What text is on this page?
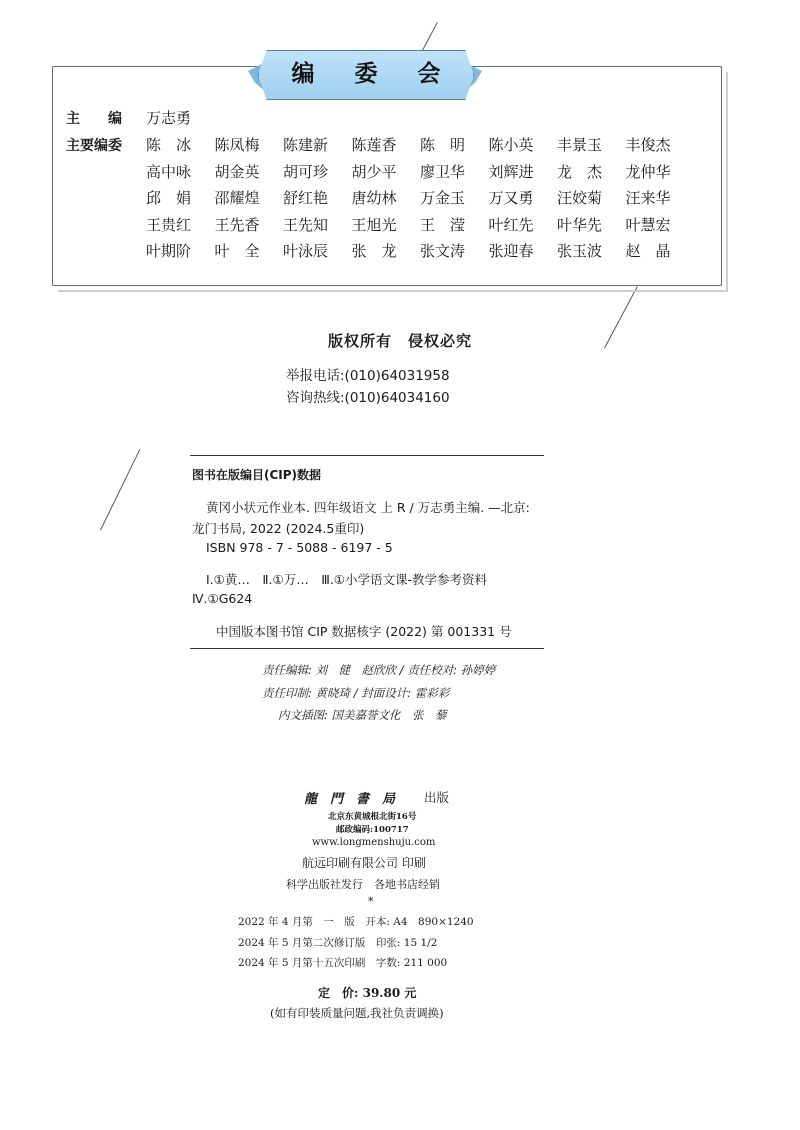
编 委 会
主　　编 万志勇
主要编委 陈　冰	陈凤梅	陈建新	陈莲香	陈　明	陈小英	丰景玉	丰俊杰
高中咏	胡金英	胡可珍	胡少平	廖卫华	刘辉进	龙　杰	龙仲华
邱　娟	邵耀煌	舒红艳	唐幼林	万金玉	万又勇	汪姣菊	汪来华
王贵红	王先香	王先知	王旭光	王　滢	叶红先	叶华先	叶慧宏
叶期阶	叶　全	叶泳辰	张　龙	张文涛	张迎春	张玉波	赵　晶
版权所有　侵权必究
举报电话:(010)64031958
咨询热线:(010)64034160
图书在版编目(CIP)数据
黄冈小状元作业本. 四年级语文 上 R / 万志勇主编. —北京:
龙门书局, 2022 (2024.5重印)
ISBN 978 - 7 - 5088 - 6197 - 5
Ⅰ.①黄…　Ⅱ.①万…　Ⅲ.①小学语文课-教学参考资料
Ⅳ.①G624
中国版本图书馆 CIP 数据核字 (2022) 第 001331 号
责任编辑: 刘　健　赵欣欣 / 责任校对: 孙婷婷
责任印制: 黄晓琦 / 封面设计: 霍彩彩
内文插图: 国美嘉誉文化　张　藜
龍　門　書　局 出版
北京东黄城根北街16号
邮政编码:100717
www.longmenshuju.com
航远印刷有限公司 印刷
科学出版社发行　各地书店经销
*
2022 年 4 月第　一　版　开本: A4　890×1240
2024 年 5 月第二次修订版　印张: 15 1/2
2024 年 5 月第十五次印刷　字数: 211 000
定　价: 39.80 元
(如有印装质量问题,我社负责调换)
